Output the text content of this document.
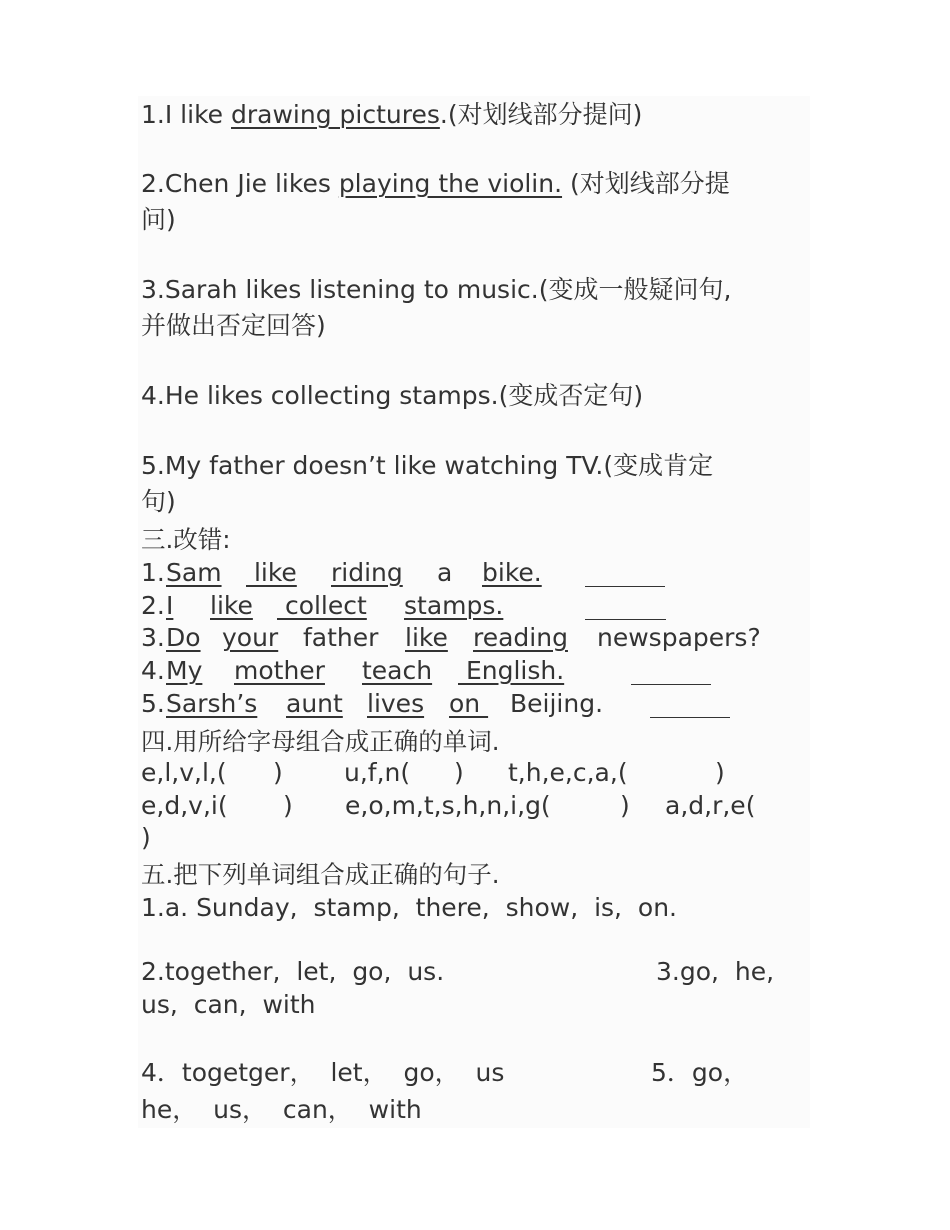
1.I like drawing pictures.(对划线部分提问)

2.Chen Jie likes playing the violin. (对划线部分提

问)

3.Sarah likes listening to music.(变成一般疑问句,

并做出否定回答)

4.He likes collecting stamps.(变成否定句)

5.My father doesn’t like watching TV.(变成肯定

句)

三.改错:

1. Sam like riding a bike.
2. I like collect stamps.
3. Do your father like reading newspapers?
4. My mother teach English.
5. Sarsh’s aunt lives on Beijing.

四.用所给字母组合成正确的单词.

e,l,v,l,( ) u,f,n( ) t,h,e,c,a,(	)
e,d,v,i( ) e,o,m,t,s,h,n,i,g(	) a,d,r,e(
)

五.把下列单词组合成正确的句子.

1.a. Sunday,  stamp,  there,  show,  is,  on.

2.together,  let,  go,  us.	3.go,  he,

us,  can,  with

4．togetger，  let，  go，  us	5．go，

he，  us，  can，  with
